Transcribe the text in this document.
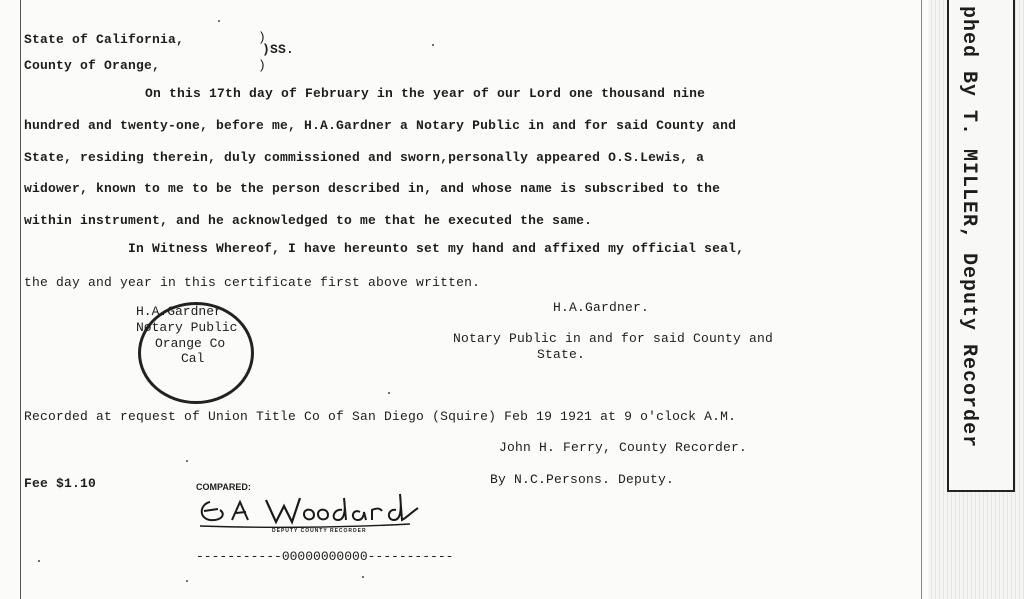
State of California,
County of Orange,
)
)SS.
)
On this 17th day of February in the year of our Lord one thousand nine
hundred and twenty-one, before me, H.A.Gardner a Notary Public in and for said County and
State, residing therein, duly commissioned and sworn,personally appeared O.S.Lewis, a
widower, known to me to be the person described in, and whose name is subscribed to the
within instrument, and he acknowledged to me that he executed the same.
In Witness Whereof, I have hereunto set my hand and affixed my official seal,
the day and year in this certificate first above written.
H.A.Gardner
Notary Public
Orange Co
Cal
H.A.Gardner.
Notary Public in and for said County and
State.
Recorded at request of Union Title Co of San Diego (Squire) Feb 19 1921 at 9 o'clock A.M.
John H. Ferry, County Recorder.
By N.C.Persons. Deputy.
Fee $1.10	COMPARED:
DEPUTY COUNTY RECORDER
-----------00000000000-----------
phed By T. MILLER, Deputy Recorder
